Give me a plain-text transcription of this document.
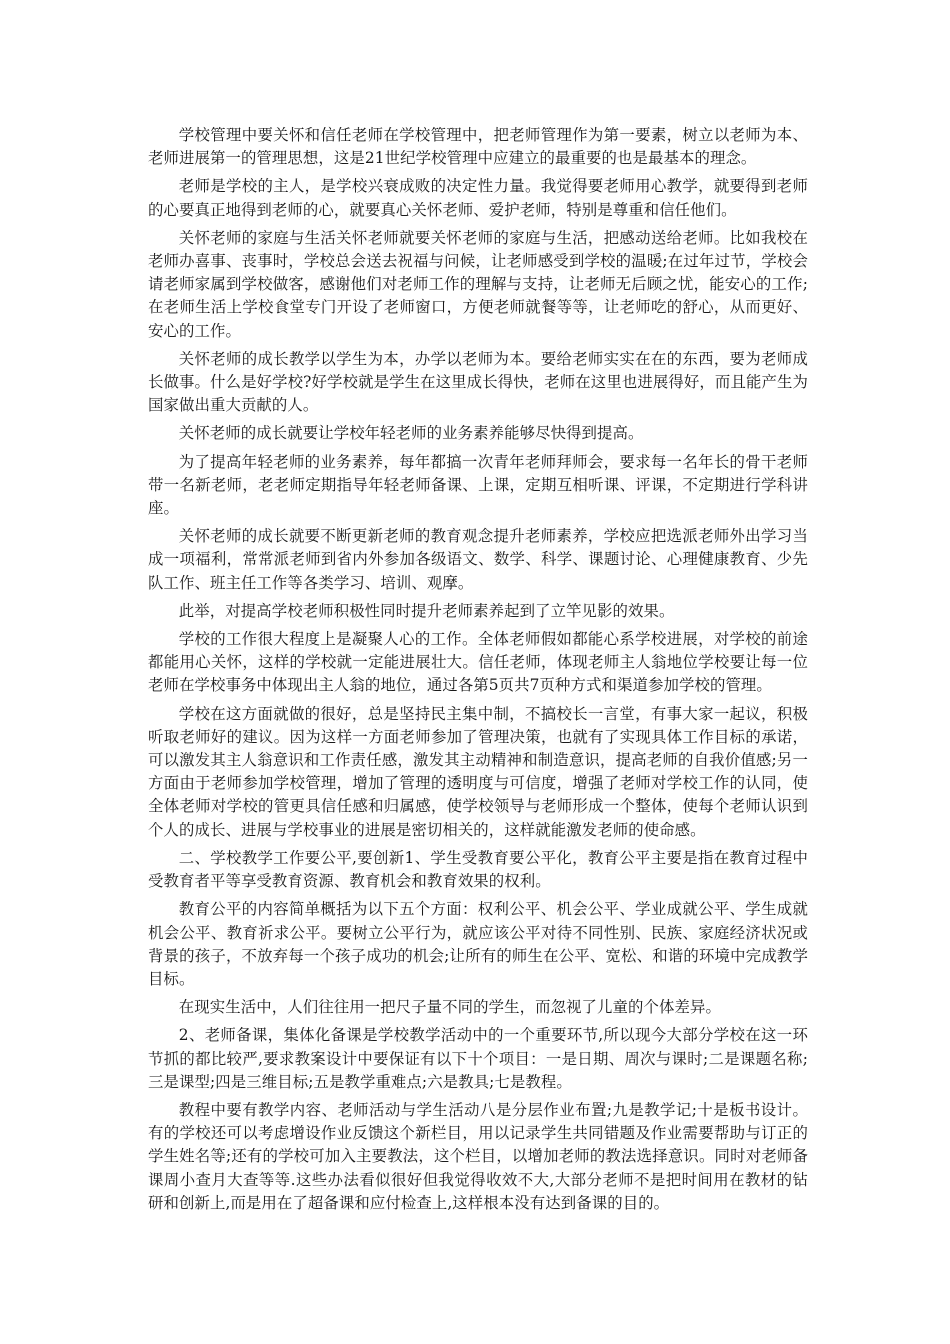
学校管理中要关怀和信任老师在学校管理中，把老师管理作为第一要素，树立以老师为本、老师进展第一的管理思想，这是21世纪学校管理中应建立的最重要的也是最基本的理念。

老师是学校的主人，是学校兴衰成败的决定性力量。我觉得要老师用心教学，就要得到老师的心要真正地得到老师的心，就要真心关怀老师、爱护老师，特别是尊重和信任他们。

关怀老师的家庭与生活关怀老师就要关怀老师的家庭与生活，把感动送给老师。比如我校在老师办喜事、丧事时，学校总会送去祝福与问候，让老师感受到学校的温暖;在过年过节，学校会请老师家属到学校做客，感谢他们对老师工作的理解与支持，让老师无后顾之忧，能安心的工作;在老师生活上学校食堂专门开设了老师窗口，方便老师就餐等等，让老师吃的舒心，从而更好、安心的工作。

关怀老师的成长教学以学生为本，办学以老师为本。要给老师实实在在的东西，要为老师成长做事。什么是好学校?好学校就是学生在这里成长得快，老师在这里也进展得好，而且能产生为国家做出重大贡献的人。

关怀老师的成长就要让学校年轻老师的业务素养能够尽快得到提高。

为了提高年轻老师的业务素养，每年都搞一次青年老师拜师会，要求每一名年长的骨干老师带一名新老师，老老师定期指导年轻老师备课、上课，定期互相听课、评课，不定期进行学科讲座。

关怀老师的成长就要不断更新老师的教育观念提升老师素养，学校应把选派老师外出学习当成一项福利，常常派老师到省内外参加各级语文、数学、科学、课题讨论、心理健康教育、少先队工作、班主任工作等各类学习、培训、观摩。

此举，对提高学校老师积极性同时提升老师素养起到了立竿见影的效果。

学校的工作很大程度上是凝聚人心的工作。全体老师假如都能心系学校进展，对学校的前途都能用心关怀，这样的学校就一定能进展壮大。信任老师，体现老师主人翁地位学校要让每一位老师在学校事务中体现出主人翁的地位，通过各第5页共7页种方式和渠道参加学校的管理。

学校在这方面就做的很好，总是坚持民主集中制，不搞校长一言堂，有事大家一起议，积极听取老师好的建议。因为这样一方面老师参加了管理决策，也就有了实现具体工作目标的承诺，可以激发其主人翁意识和工作责任感，激发其主动精神和制造意识，提高老师的自我价值感;另一方面由于老师参加学校管理，增加了管理的透明度与可信度，增强了老师对学校工作的认同，使全体老师对学校的管更具信任感和归属感，使学校领导与老师形成一个整体，使每个老师认识到个人的成长、进展与学校事业的进展是密切相关的，这样就能激发老师的使命感。

二、学校教学工作要公平,要创新1、学生受教育要公平化，教育公平主要是指在教育过程中受教育者平等享受教育资源、教育机会和教育效果的权利。

教育公平的内容简单概括为以下五个方面：权利公平、机会公平、学业成就公平、学生成就机会公平、教育祈求公平。要树立公平行为，就应该公平对待不同性别、民族、家庭经济状况或背景的孩子，不放弃每一个孩子成功的机会;让所有的师生在公平、宽松、和谐的环境中完成教学目标。

在现实生活中，人们往往用一把尺子量不同的学生，而忽视了儿童的个体差异。

2、老师备课，集体化备课是学校教学活动中的一个重要环节,所以现今大部分学校在这一环节抓的都比较严,要求教案设计中要保证有以下十个项目：一是日期、周次与课时;二是课题名称;三是课型;四是三维目标;五是教学重难点;六是教具;七是教程。

教程中要有教学内容、老师活动与学生活动八是分层作业布置;九是教学记;十是板书设计。有的学校还可以考虑增设作业反馈这个新栏目，用以记录学生共同错题及作业需要帮助与订正的学生姓名等;还有的学校可加入主要教法，这个栏目，以增加老师的教法选择意识。同时对老师备课周小查月大查等等.这些办法看似很好但我觉得收效不大,大部分老师不是把时间用在教材的钻研和创新上,而是用在了超备课和应付检查上,这样根本没有达到备课的目的。
